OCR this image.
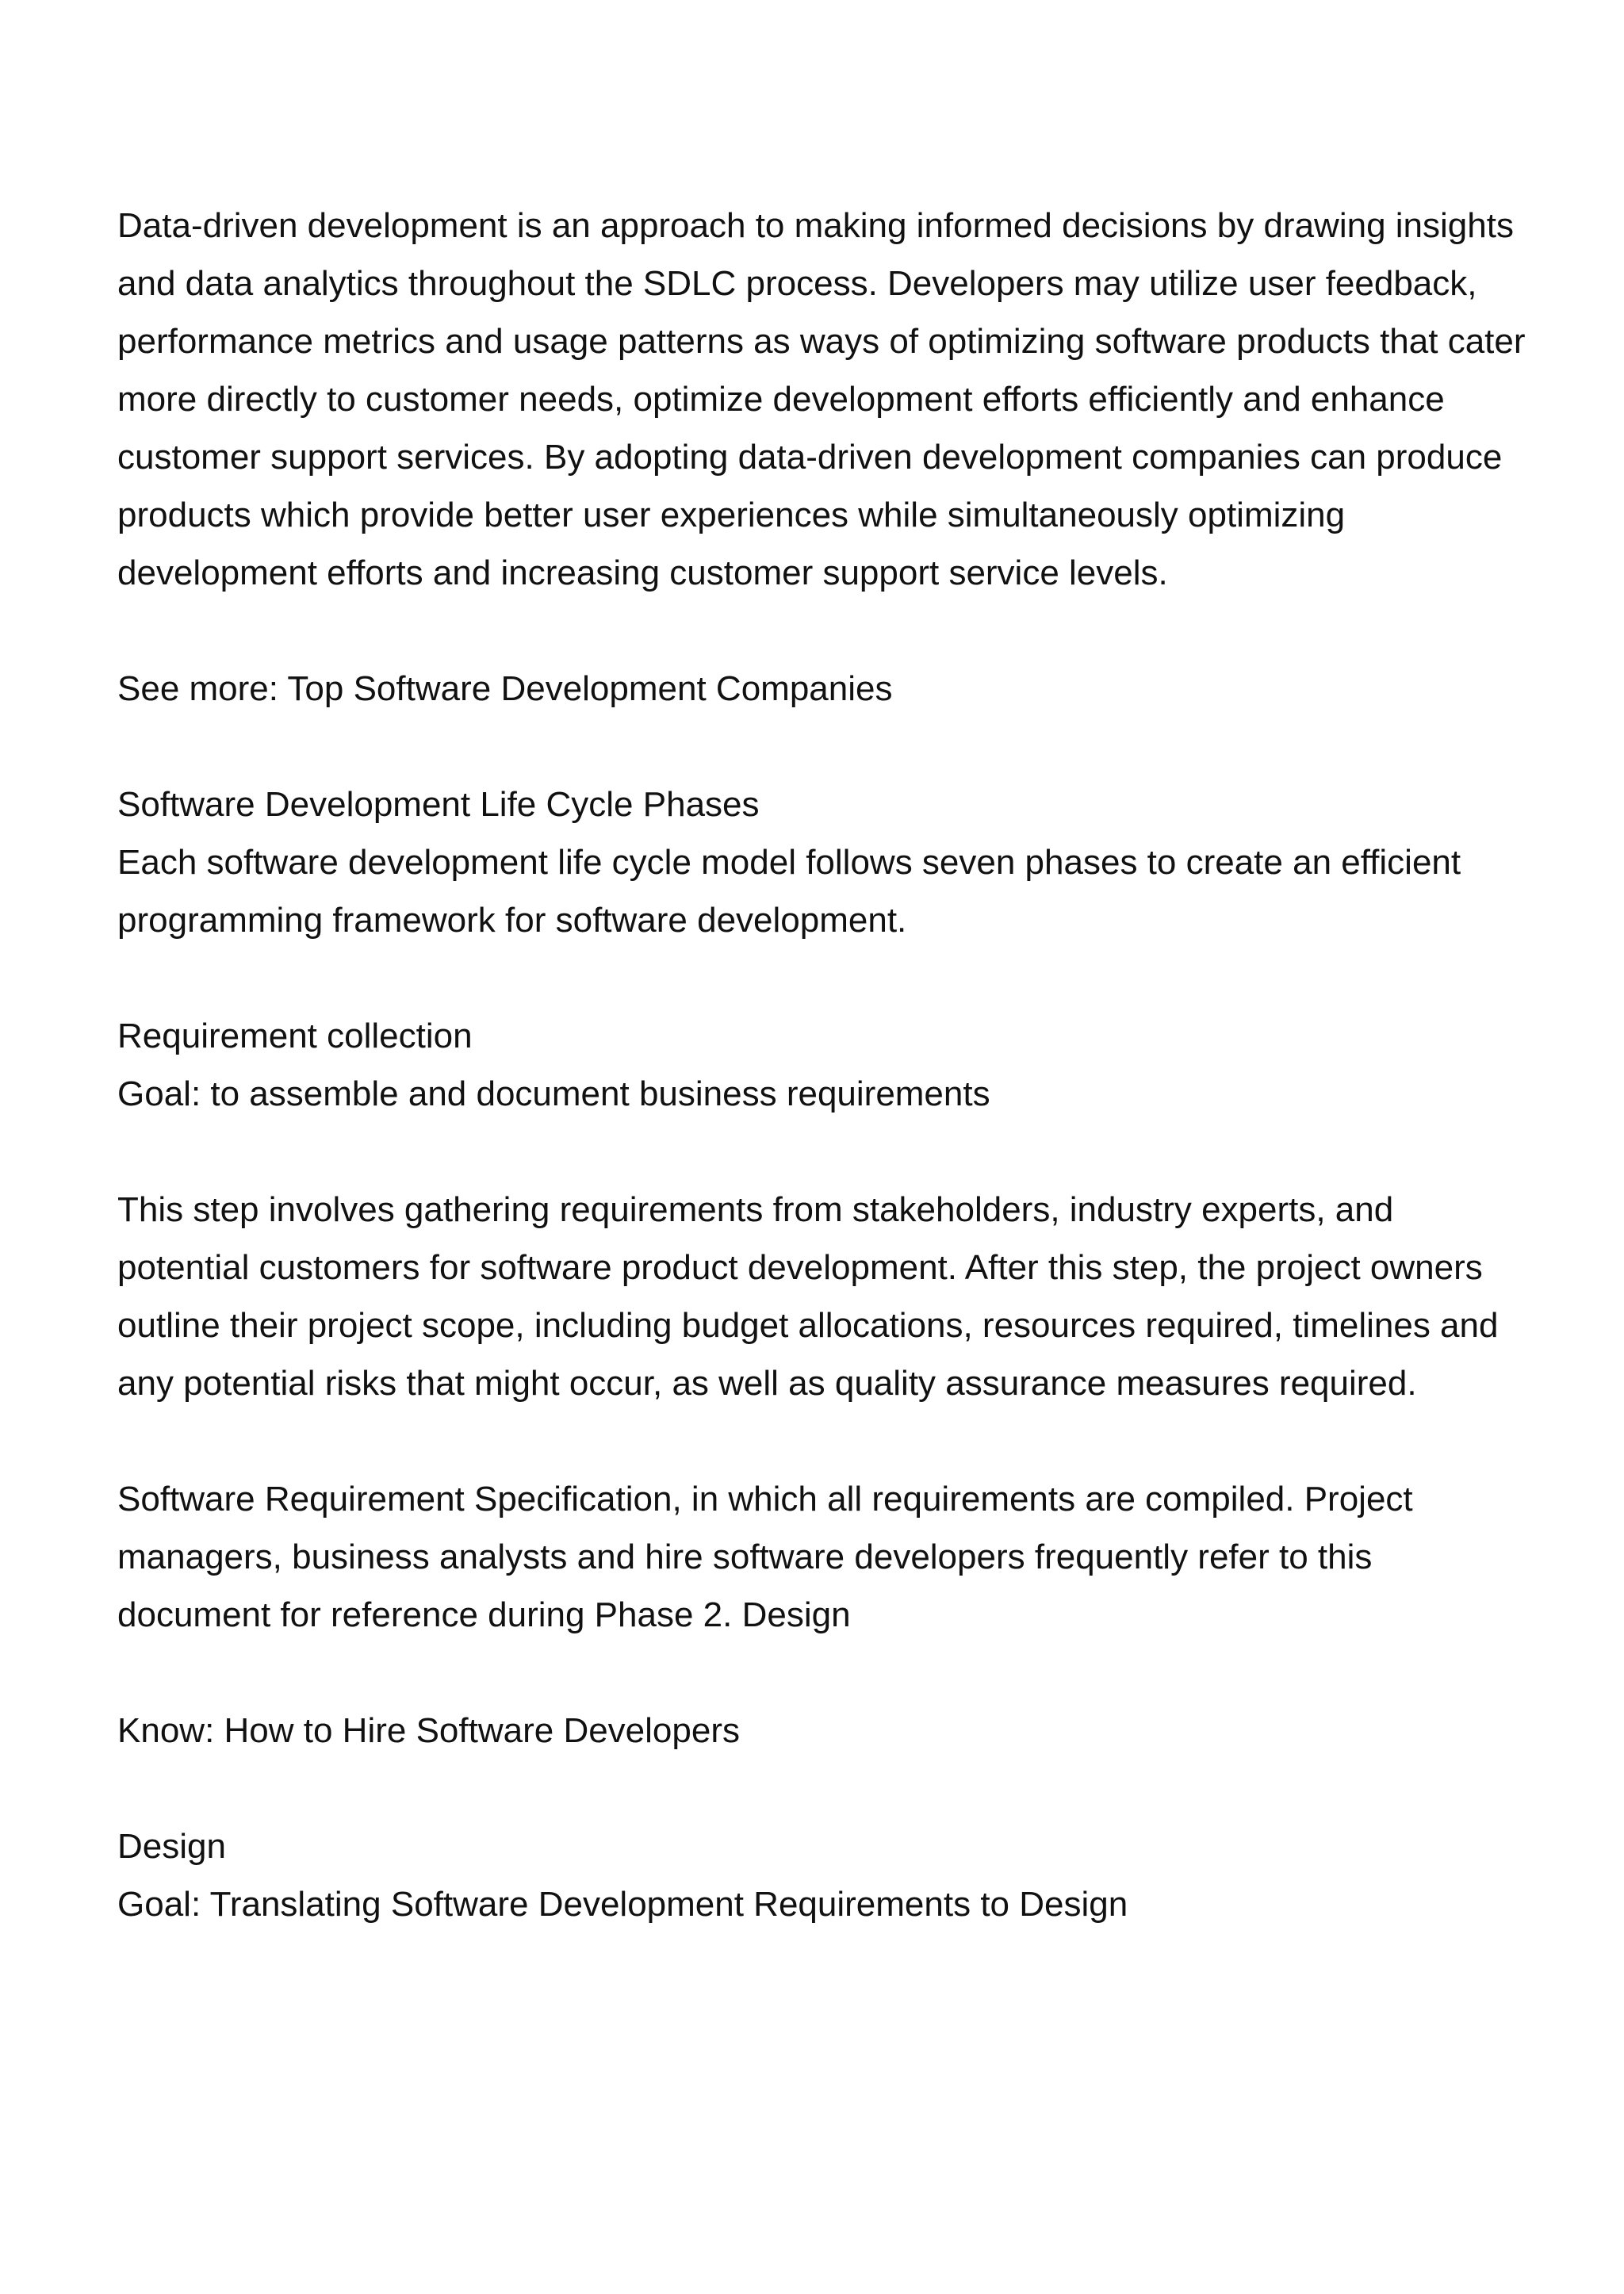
Data-driven development is an approach to making informed decisions by drawing insights and data analytics throughout the SDLC process. Developers may utilize user feedback, performance metrics and usage patterns as ways of optimizing software products that cater more directly to customer needs, optimize development efforts efficiently and enhance customer support services. By adopting data-driven development companies can produce products which provide better user experiences while simultaneously optimizing development efforts and increasing customer support service levels.

See more: Top Software Development Companies

Software Development Life Cycle Phases

Each software development life cycle model follows seven phases to create an efficient programming framework for software development.

Requirement collection

Goal: to assemble and document business requirements

This step involves gathering requirements from stakeholders, industry experts, and potential customers for software product development. After this step, the project owners outline their project scope, including budget allocations, resources required, timelines and any potential risks that might occur, as well as quality assurance measures required.

Software Requirement Specification, in which all requirements are compiled. Project managers, business analysts and hire software developers frequently refer to this document for reference during Phase 2. Design

Know: How to Hire Software Developers

Design

Goal: Translating Software Development Requirements to Design
